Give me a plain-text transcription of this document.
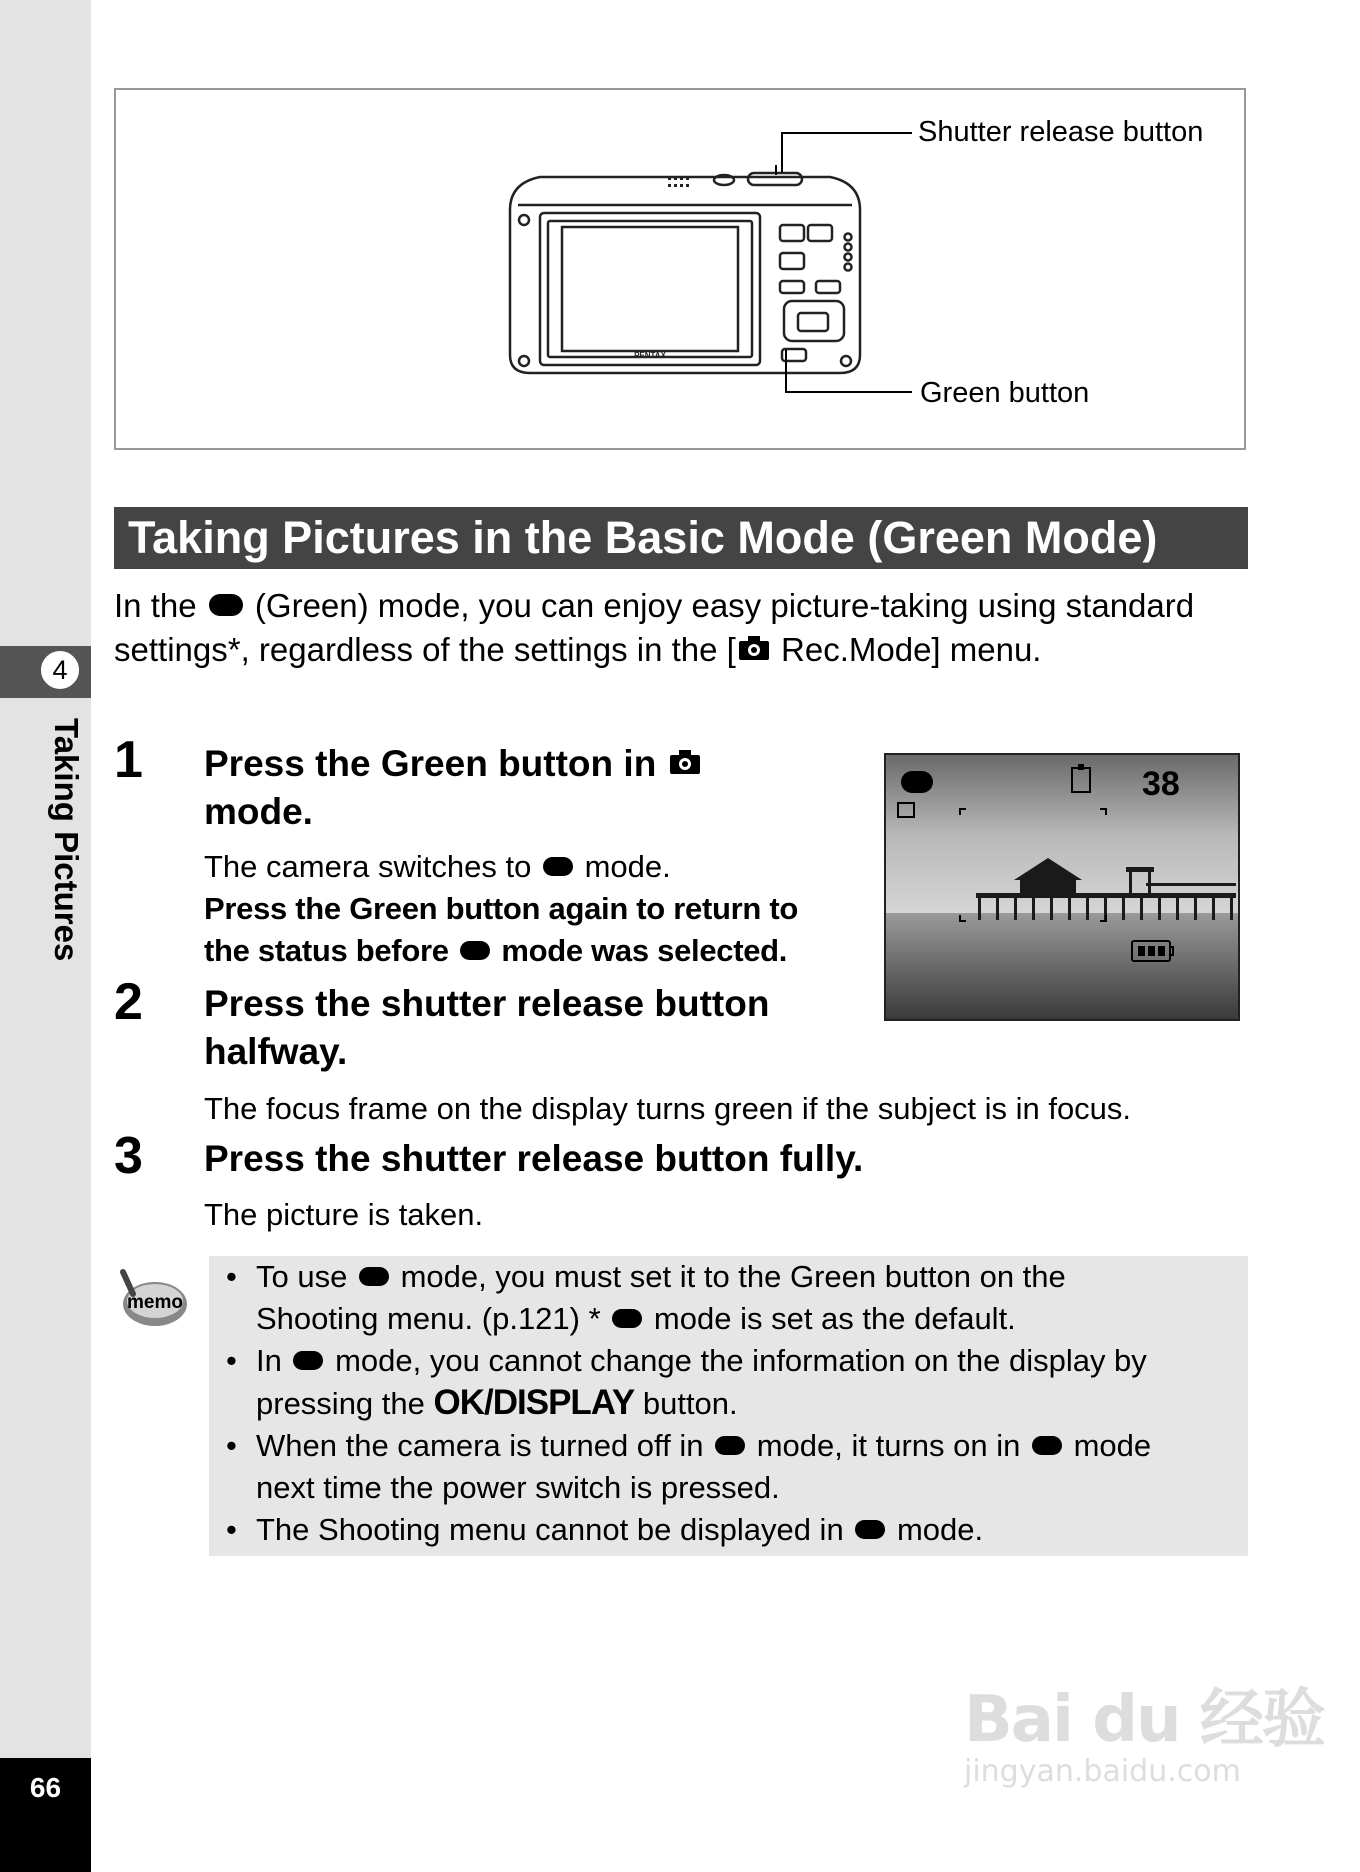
4
Taking Pictures
66
PENTAX
Shutter release button
Green button
Taking Pictures in the Basic Mode (Green Mode)
In the (Green) mode, you can enjoy easy picture-taking using standard settings*, regardless of the settings in the [ Rec.Mode] menu.
1 Press the Green button in
mode.
The camera switches to mode.
Press the Green button again to return to
the status before mode was selected.
38
2 Press the shutter release button
halfway.
The focus frame on the display turns green if the subject is in focus.
3 Press the shutter release button fully.
The picture is taken.
memo
• To use mode, you must set it to the Green button on the
Shooting menu. (p.121) * mode is set as the default.
• In mode, you cannot change the information on the display by
pressing the OK/DISPLAY button.
• When the camera is turned off in mode, it turns on in mode
next time the power switch is pressed.
• The Shooting menu cannot be displayed in mode.
Bai du 经验
jingyan.baidu.com
